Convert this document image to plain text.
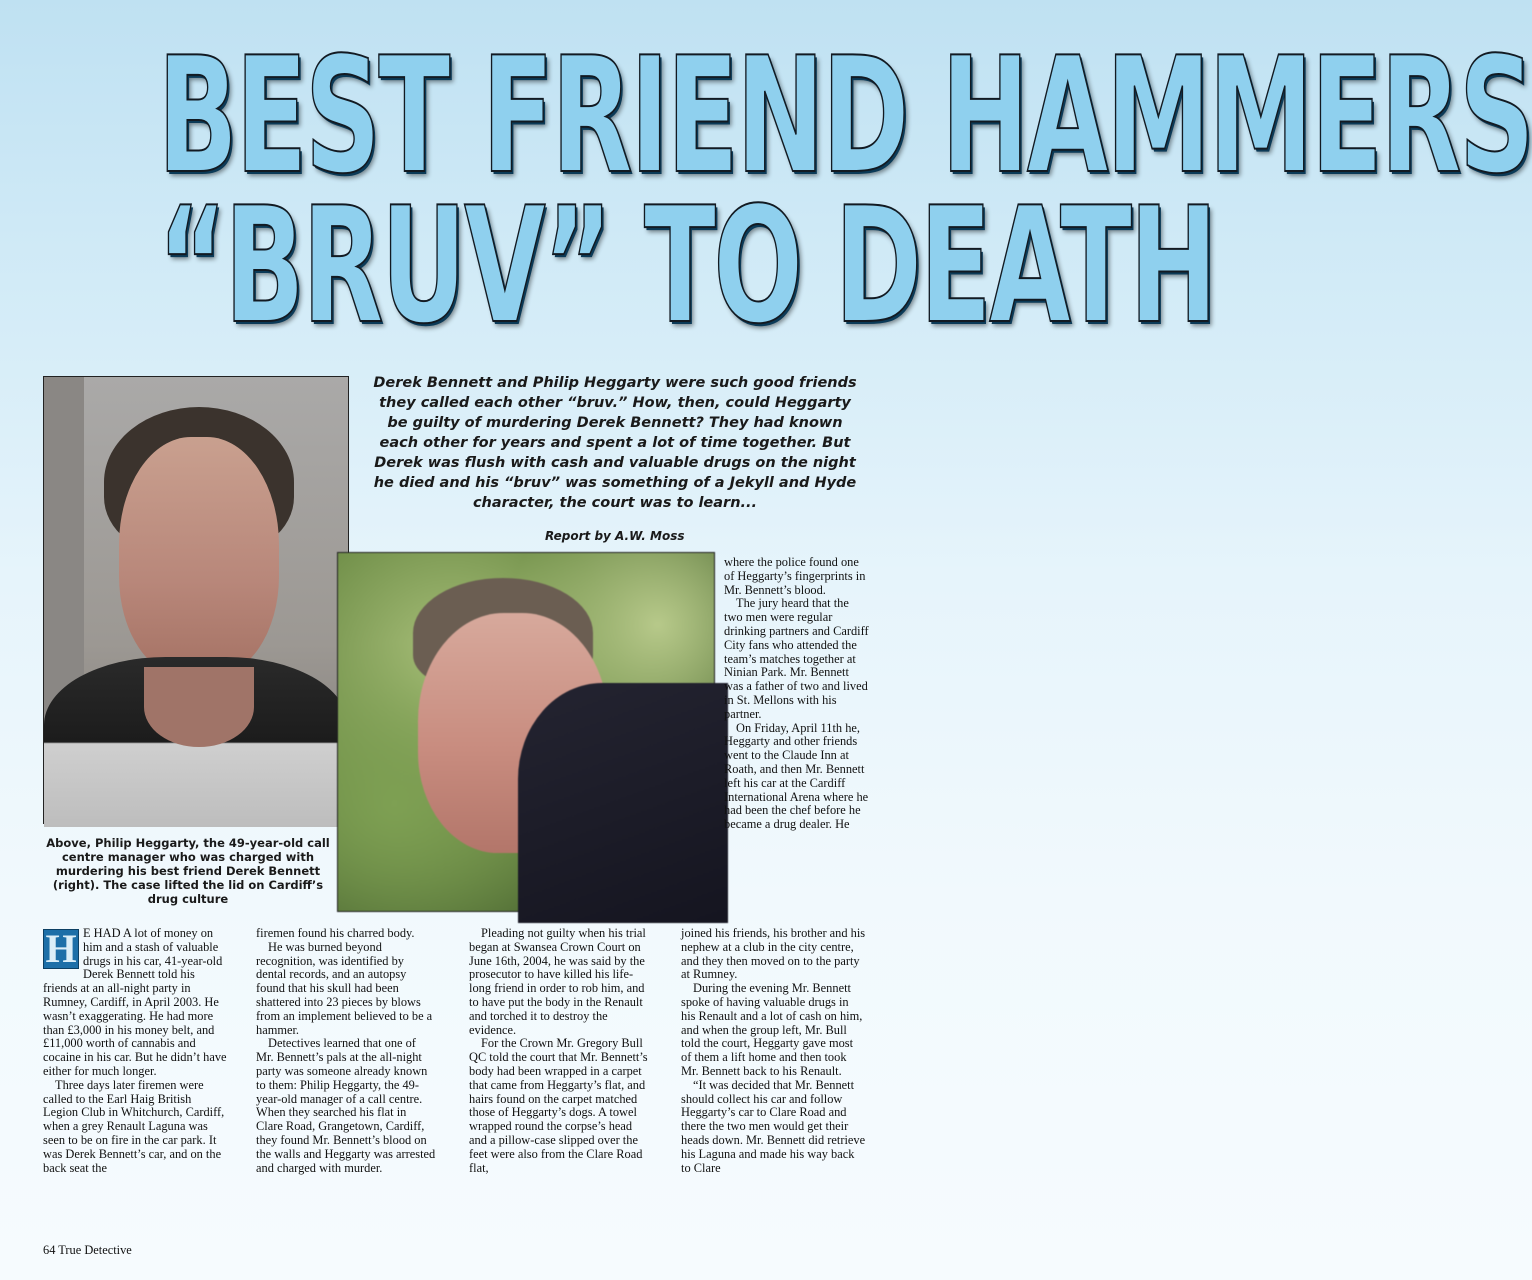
BEST FRIEND HAMMERS
“BRUV” TO DEATH

Derek Bennett and Philip Heggarty were such good friends they called each other “bruv.” How, then, could Heggarty be guilty of murdering Derek Bennett? They had known each other for years and spent a lot of time together. But Derek was flush with cash and valuable drugs on the night he died and his “bruv” was something of a Jekyll and Hyde character, the court was to learn...

Report by A.W. Moss

Above, Philip Heggarty, the 49-year-old call centre manager who was charged with murdering his best friend Derek Bennett (right). The case lifted the lid on Cardiff’s drug culture

where the police found one of Heggarty’s fingerprints in Mr. Bennett’s blood.

The jury heard that the two men were regular drinking partners and Cardiff City fans who attended the team’s matches together at Ninian Park. Mr. Bennett was a father of two and lived in St. Mellons with his partner.

On Friday, April 11th he, Heggarty and other friends went to the Claude Inn at Roath, and then Mr. Bennett left his car at the Cardiff International Arena where he had been the chef before he became a drug dealer. He

H E HAD A lot of money on him and a stash of valuable drugs in his car, 41-year-old Derek Bennett told his friends at an all-night party in Rumney, Cardiff, in April 2003. He wasn’t exaggerating. He had more than £3,000 in his money belt, and £11,000 worth of cannabis and cocaine in his car. But he didn’t have either for much longer.

Three days later firemen were called to the Earl Haig British Legion Club in Whitchurch, Cardiff, when a grey Renault Laguna was seen to be on fire in the car park. It was Derek Bennett’s car, and on the back seat the

firemen found his charred body.

He was burned beyond recognition, was identified by dental records, and an autopsy found that his skull had been shattered into 23 pieces by blows from an implement believed to be a hammer.

Detectives learned that one of Mr. Bennett’s pals at the all-night party was someone already known to them: Philip Heggarty, the 49-year-old manager of a call centre. When they searched his flat in Clare Road, Grangetown, Cardiff, they found Mr. Bennett’s blood on the walls and Heggarty was arrested and charged with murder.

Pleading not guilty when his trial began at Swansea Crown Court on June 16th, 2004, he was said by the prosecutor to have killed his life-long friend in order to rob him, and to have put the body in the Renault and torched it to destroy the evidence.

For the Crown Mr. Gregory Bull QC told the court that Mr. Bennett’s body had been wrapped in a carpet that came from Heggarty’s flat, and hairs found on the carpet matched those of Heggarty’s dogs. A towel wrapped round the corpse’s head and a pillow-case slipped over the feet were also from the Clare Road flat,

joined his friends, his brother and his nephew at a club in the city centre, and they then moved on to the party at Rumney.

During the evening Mr. Bennett spoke of having valuable drugs in his Renault and a lot of cash on him, and when the group left, Mr. Bull told the court, Heggarty gave most of them a lift home and then took Mr. Bennett back to his Renault.

“It was decided that Mr. Bennett should collect his car and follow Heggarty’s car to Clare Road and there the two men would get their heads down. Mr. Bennett did retrieve his Laguna and made his way back to Clare

64 True Detective
